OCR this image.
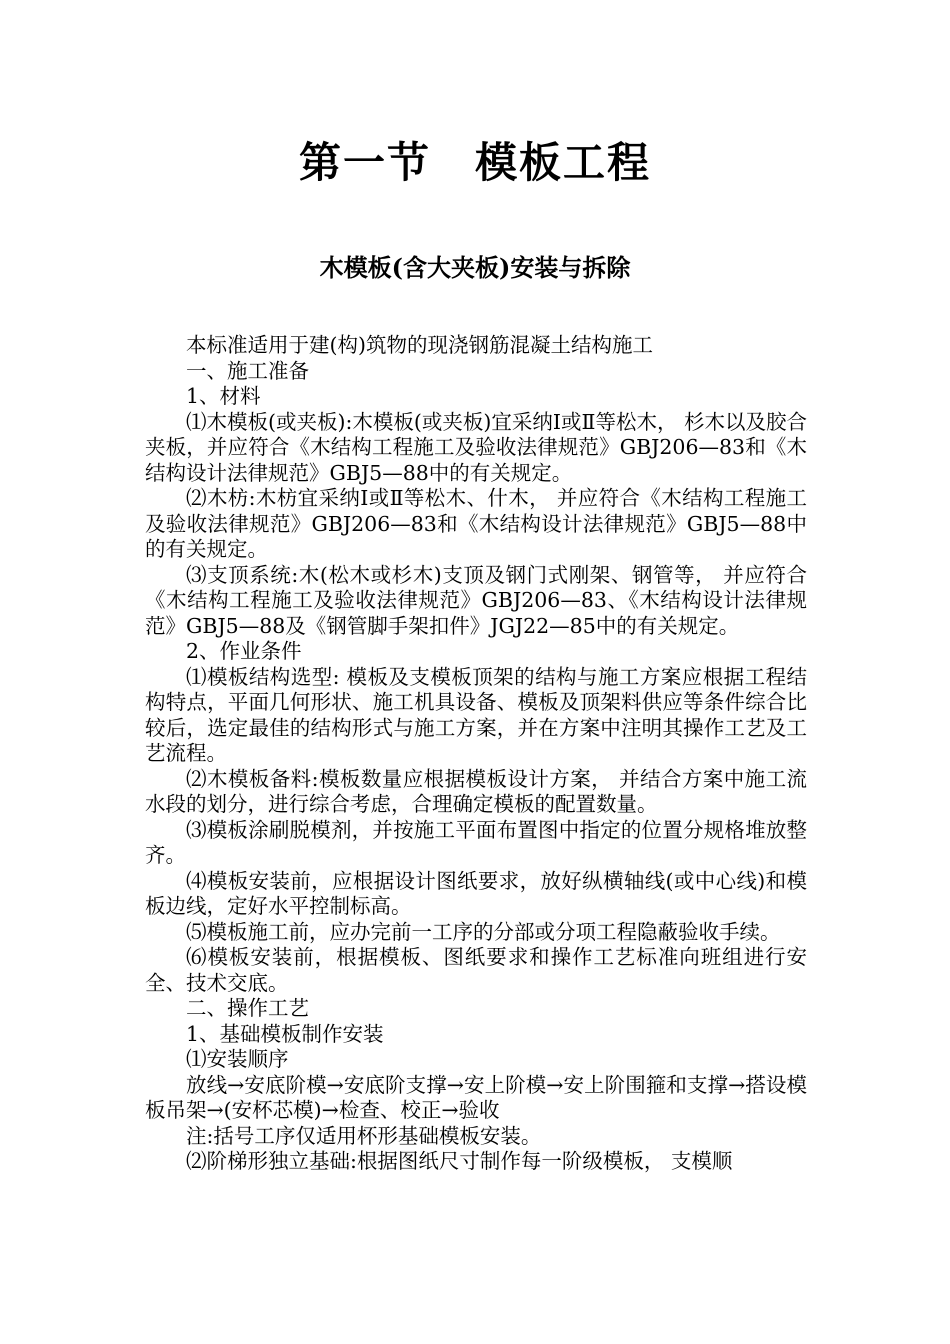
第一节　模板工程
木模板(含大夹板)安装与拆除

本标准适用于建(构)筑物的现浇钢筋混凝土结构施工

一、施工准备

1、材料

⑴木模板(或夹板):木模板(或夹板)宜采纳Ⅰ或Ⅱ等松木， 杉木以及胶合夹板，并应符合《木结构工程施工及验收法律规范》GBJ206—83和《木结构设计法律规范》GBJ5—88中的有关规定。

⑵木枋:木枋宜采纳Ⅰ或Ⅱ等松木、什木， 并应符合《木结构工程施工及验收法律规范》GBJ206—83和《木结构设计法律规范》GBJ5—88中的有关规定。

⑶支顶系统:木(松木或杉木)支顶及钢门式刚架、钢管等， 并应符合《木结构工程施工及验收法律规范》GBJ206—83、《木结构设计法律规范》GBJ5—88及《钢管脚手架扣件》JGJ22—85中的有关规定。

2、作业条件

⑴模板结构选型: 模板及支模板顶架的结构与施工方案应根据工程结构特点，平面几何形状、施工机具设备、模板及顶架料供应等条件综合比较后，选定最佳的结构形式与施工方案，并在方案中注明其操作工艺及工艺流程。

⑵木模板备料:模板数量应根据模板设计方案， 并结合方案中施工流水段的划分，进行综合考虑，合理确定模板的配置数量。

⑶模板涂刷脱模剂，并按施工平面布置图中指定的位置分规格堆放整齐。

⑷模板安装前，应根据设计图纸要求，放好纵横轴线(或中心线)和模板边线，定好水平控制标高。

⑸模板施工前，应办完前一工序的分部或分项工程隐蔽验收手续。

⑹模板安装前，根据模板、图纸要求和操作工艺标准向班组进行安全、技术交底。

二、操作工艺

1、基础模板制作安装

⑴安装顺序

放线→安底阶模→安底阶支撑→安上阶模→安上阶围箍和支撑→搭设模板吊架→(安杯芯模)→检查、校正→验收

注:括号工序仅适用杯形基础模板安装。

⑵阶梯形独立基础:根据图纸尺寸制作每一阶级模板， 支模顺
